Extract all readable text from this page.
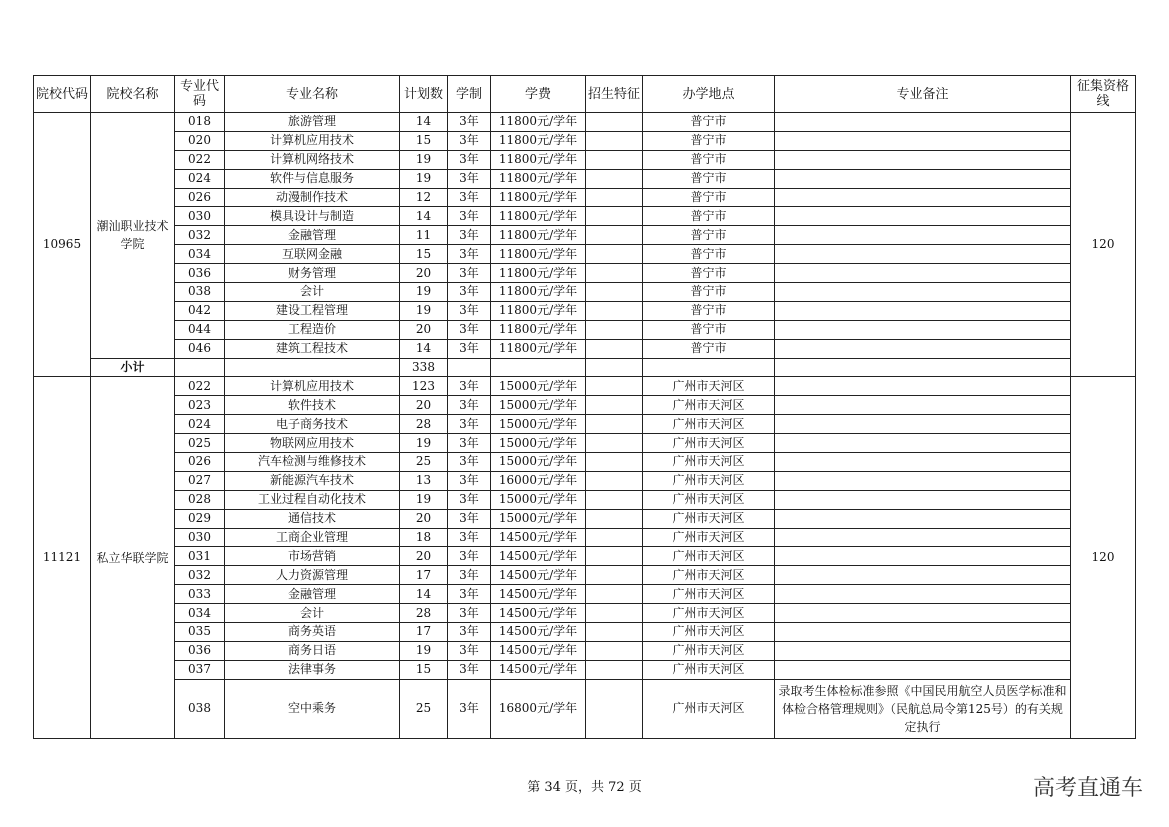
院校代码	院校名称	专业代码	专业名称	计划数	学制	学费	招生特征	办学地点	专业备注	征集资格线
10965	潮汕职业技术学院	018	旅游管理	14	3年	11800元/学年		普宁市		120
		020	计算机应用技术	15	3年	11800元/学年		普宁市		
		022	计算机网络技术	19	3年	11800元/学年		普宁市		
		024	软件与信息服务	19	3年	11800元/学年		普宁市		
		026	动漫制作技术	12	3年	11800元/学年		普宁市		
		030	模具设计与制造	14	3年	11800元/学年		普宁市		
		032	金融管理	11	3年	11800元/学年		普宁市		
		034	互联网金融	15	3年	11800元/学年		普宁市		
		036	财务管理	20	3年	11800元/学年		普宁市		
		038	会计	19	3年	11800元/学年		普宁市		
		042	建设工程管理	19	3年	11800元/学年		普宁市		
		044	工程造价	20	3年	11800元/学年		普宁市		
		046	建筑工程技术	14	3年	11800元/学年		普宁市		
	小计			338						
11121	私立华联学院	022	计算机应用技术	123	3年	15000元/学年		广州市天河区		120
		023	软件技术	20	3年	15000元/学年		广州市天河区		
		024	电子商务技术	28	3年	15000元/学年		广州市天河区		
		025	物联网应用技术	19	3年	15000元/学年		广州市天河区		
		026	汽车检测与维修技术	25	3年	15000元/学年		广州市天河区		
		027	新能源汽车技术	13	3年	16000元/学年		广州市天河区		
		028	工业过程自动化技术	19	3年	15000元/学年		广州市天河区		
		029	通信技术	20	3年	15000元/学年		广州市天河区		
		030	工商企业管理	18	3年	14500元/学年		广州市天河区		
		031	市场营销	20	3年	14500元/学年		广州市天河区		
		032	人力资源管理	17	3年	14500元/学年		广州市天河区		
		033	金融管理	14	3年	14500元/学年		广州市天河区		
		034	会计	28	3年	14500元/学年		广州市天河区		
		035	商务英语	17	3年	14500元/学年		广州市天河区		
		036	商务日语	19	3年	14500元/学年		广州市天河区		
		037	法律事务	15	3年	14500元/学年		广州市天河区		
		038	空中乘务	25	3年	16800元/学年		广州市天河区	录取考生体检标准参照《中国民用航空人员医学标准和体检合格管理规则》（民航总局令第125号）的有关规定执行	
第 34 页，共 72 页	高考直通车
